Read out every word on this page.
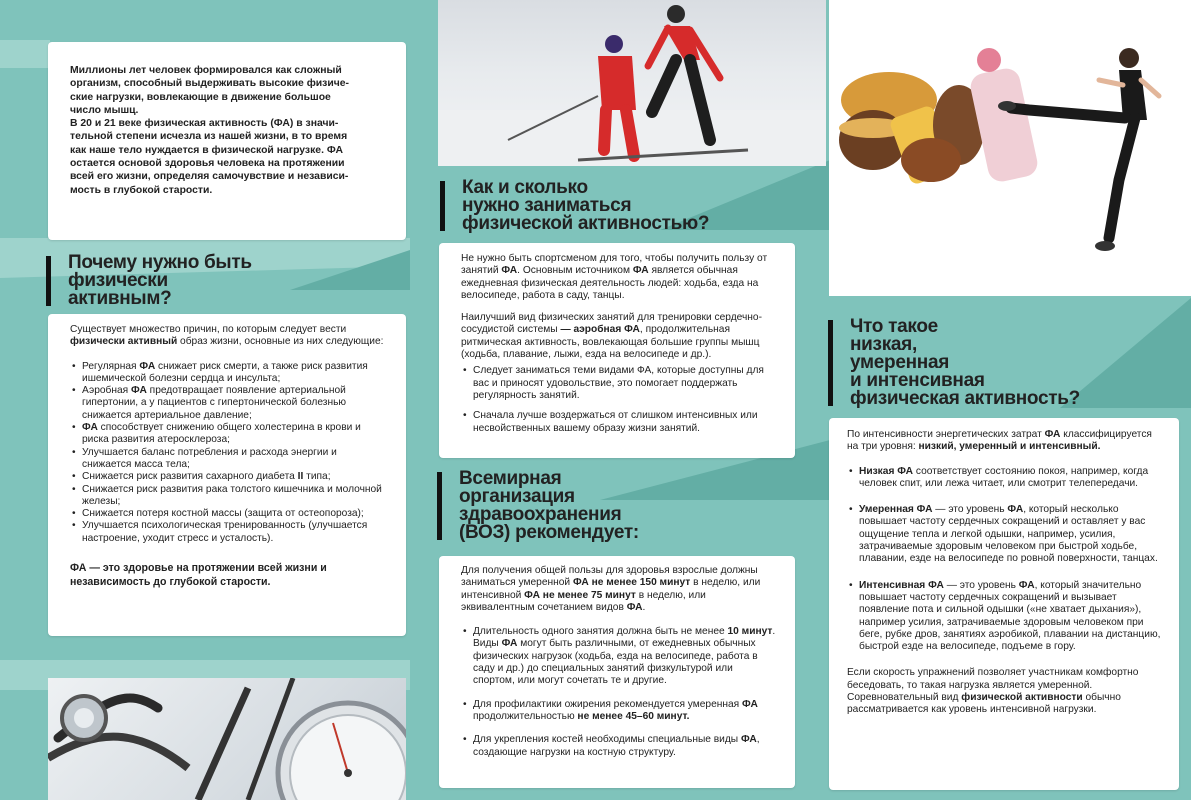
Миллионы лет человек формировался как сложный
организм, способный выдерживать высокие физиче-
ские нагрузки, вовлекающие в движение большое
число мышц.
В 20 и 21 веке физическая активность (ФА) в значи-
тельной степени исчезла из нашей жизни, в то время
как наше тело нуждается в физической нагрузке. ФА
остается основой здоровья человека на протяжении
всей его жизни, определяя самочувствие и независи-
мость в глубокой старости.
Почему нужно быть
физически
активным?

Существует множество причин, по которым следует вести физически активный образ жизни, основные из них следующие:

• Регулярная ФА снижает риск смерти, а также риск развития ишемической болезни сердца и инсульта;
• Аэробная ФА предотвращает появление артериальной гипертонии, а у пациентов с гипертонической болезнью снижается артериальное давление;
• ФА способствует снижению общего холестерина в крови и риска развития атеросклероза;
• Улучшается баланс потребления и расхода энергии и снижается масса тела;
• Снижается риск развития сахарного диабета II типа;
• Снижается риск развития рака толстого кишечника и молочной железы;
• Снижается потеря костной массы (защита от остеопороза);
• Улучшается психологическая тренированность (улучшается настроение, уходит стресс и усталость).

ФА — это здоровье на протяжении всей жизни и независимость до глубокой старости.

Как и сколько
нужно заниматься
физической активностью?

Не нужно быть спортсменом для того, чтобы получить пользу от занятий ФА. Основным источником ФА является обычная ежедневная физическая деятельность людей: ходьба, езда на велосипеде, работа в саду, танцы.

Наилучший вид физических занятий для тренировки сердечно-сосудистой системы — аэробная ФА, продолжительная ритмическая активность, вовлекающая большие группы мышц (ходьба, плавание, лыжи, езда на велосипеде и др.).

• Следует заниматься теми видами ФА, которые доступны для вас и приносят удовольствие, это помогает поддержать регулярность занятий.
• Сначала лучше воздержаться от слишком интенсивных или несвойственных вашему образу жизни занятий.
Всемирная
организация
здравоохранения
(ВОЗ) рекомендует:

Для получения общей пользы для здоровья взрослые должны заниматься умеренной ФА не менее 150 минут в неделю, или интенсивной ФА не менее 75 минут в неделю, или эквивалентным сочетанием видов ФА.

• Длительность одного занятия должна быть не менее 10 минут. Виды ФА могут быть различными, от ежедневных обычных физических нагрузок (ходьба, езда на велосипеде, работа в саду и др.) до специальных занятий физкультурой или спортом, или могут сочетать те и другие.
• Для профилактики ожирения рекомендуется умеренная ФА продолжительностью не менее 45–60 минут.
• Для укрепления костей необходимы специальные виды ФА, создающие нагрузки на костную структуру.
Что такое
низкая,
умеренная
и интенсивная
физическая активность?

По интенсивности энергетических затрат ФА классифицируется на три уровня: низкий, умеренный и интенсивный.

• Низкая ФА соответствует состоянию покоя, например, когда человек спит, или лежа читает, или смотрит телепередачи.
• Умеренная ФА — это уровень ФА, который несколько повышает частоту сердечных сокращений и оставляет у вас ощущение тепла и легкой одышки, например, усилия, затрачиваемые здоровым человеком при быстрой ходьбе, плавании, езде на велосипеде по ровной поверхности, танцах.
• Интенсивная ФА — это уровень ФА, который значительно повышает частоту сердечных сокращений и вызывает появление пота и сильной одышки («не хватает дыхания»), например усилия, затрачиваемые здоровым человеком при беге, рубке дров, занятиях аэробикой, плавании на дистанцию, быстрой езде на велосипеде, подъеме в гору.

Если скорость упражнений позволяет участникам комфортно беседовать, то такая нагрузка является умеренной. Соревновательный вид физической активности обычно рассматривается как уровень интенсивной нагрузки.
